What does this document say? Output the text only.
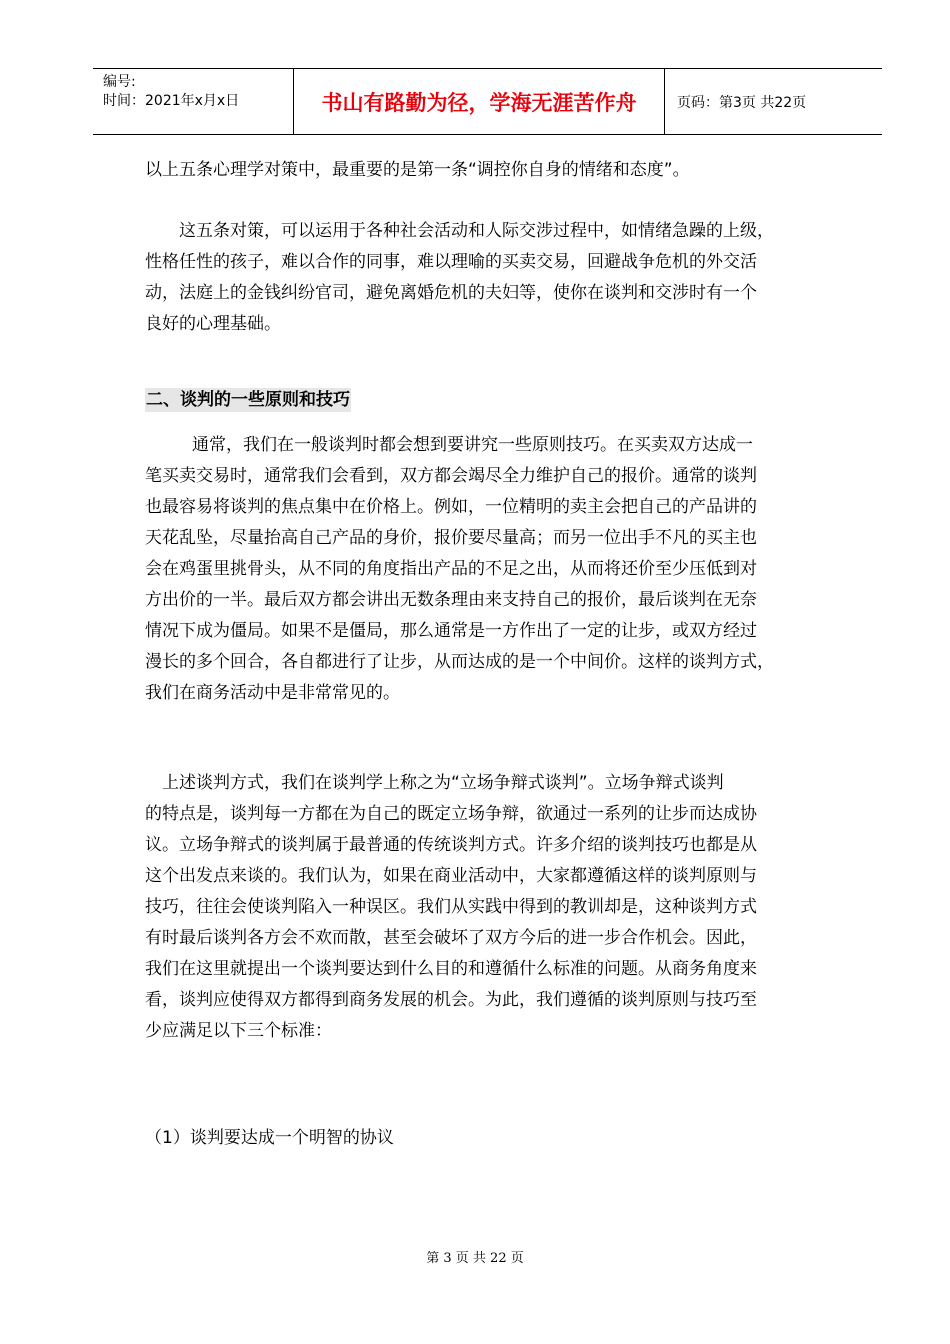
编号:
时间：2021年x月x日	书山有路勤为径，学海无涯苦作舟	页码：第3页 共22页

以上五条心理学对策中，最重要的是第一条“调控你自身的情绪和态度”。

这五条对策，可以运用于各种社会活动和人际交涉过程中，如情绪急躁的上级，

性格任性的孩子，难以合作的同事，难以理喻的买卖交易，回避战争危机的外交活

动，法庭上的金钱纠纷官司，避免离婚危机的夫妇等，使你在谈判和交涉时有一个

良好的心理基础。

二、谈判的一些原则和技巧

通常，我们在一般谈判时都会想到要讲究一些原则技巧。在买卖双方达成一

笔买卖交易时，通常我们会看到，双方都会竭尽全力维护自己的报价。通常的谈判

也最容易将谈判的焦点集中在价格上。例如，一位精明的卖主会把自己的产品讲的

天花乱坠，尽量抬高自己产品的身价，报价要尽量高；而另一位出手不凡的买主也

会在鸡蛋里挑骨头，从不同的角度指出产品的不足之出，从而将还价至少压低到对

方出价的一半。最后双方都会讲出无数条理由来支持自己的报价，最后谈判在无奈

情况下成为僵局。如果不是僵局，那么通常是一方作出了一定的让步，或双方经过

漫长的多个回合，各自都进行了让步，从而达成的是一个中间价。这样的谈判方式，

我们在商务活动中是非常常见的。

上述谈判方式，我们在谈判学上称之为“立场争辩式谈判”。立场争辩式谈判

的特点是，谈判每一方都在为自己的既定立场争辩，欲通过一系列的让步而达成协

议。立场争辩式的谈判属于最普通的传统谈判方式。许多介绍的谈判技巧也都是从

这个出发点来谈的。我们认为，如果在商业活动中，大家都遵循这样的谈判原则与

技巧，往往会使谈判陷入一种误区。我们从实践中得到的教训却是，这种谈判方式

有时最后谈判各方会不欢而散，甚至会破坏了双方今后的进一步合作机会。因此，

我们在这里就提出一个谈判要达到什么目的和遵循什么标准的问题。从商务角度来

看，谈判应使得双方都得到商务发展的机会。为此，我们遵循的谈判原则与技巧至

少应满足以下三个标准：

（1）谈判要达成一个明智的协议

第 3 页 共 22 页
